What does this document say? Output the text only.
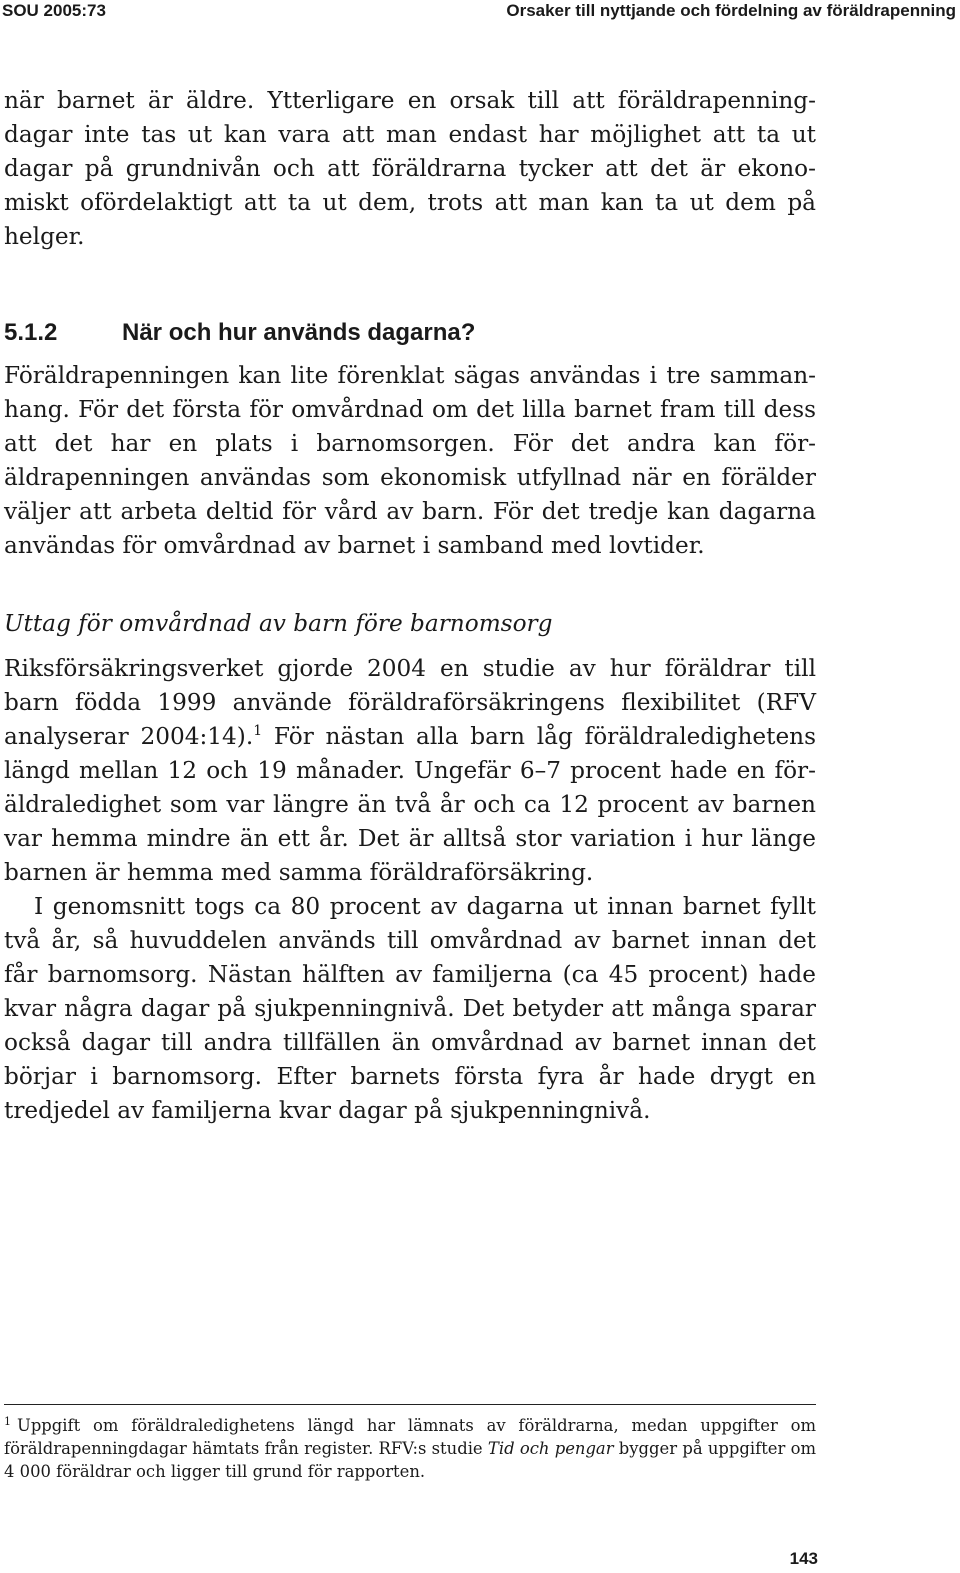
SOU 2005:73	Orsaker till nyttjande och fördelning av föräldrapenning

när barnet är äldre. Ytterligare en orsak till att föräldrapenningdagar inte tas ut kan vara att man endast har möjlighet att ta ut dagar på grundnivån och att föräldrarna tycker att det är ekonomiskt ofördelaktigt att ta ut dem, trots att man kan ta ut dem på helger.

5.1.2	När och hur används dagarna?

Föräldrapenningen kan lite förenklat sägas användas i tre sammanhang. För det första för omvårdnad om det lilla barnet fram till dess att det har en plats i barnomsorgen. För det andra kan föräldrapenningen användas som ekonomisk utfyllnad när en förälder väljer att arbeta deltid för vård av barn. För det tredje kan dagarna användas för omvårdnad av barnet i samband med lovtider.

Uttag för omvårdnad av barn före barnomsorg

Riksförsäkringsverket gjorde 2004 en studie av hur föräldrar till barn födda 1999 använde föräldraförsäkringens flexibilitet (RFV analyserar 2004:14).$^1$ För nästan alla barn låg föräldraledighetens längd mellan 12 och 19 månader. Ungefär 6–7 procent hade en föräldraledighet som var längre än två år och ca 12 procent av barnen var hemma mindre än ett år. Det är alltså stor variation i hur länge barnen är hemma med samma föräldraförsäkring.

I genomsnitt togs ca 80 procent av dagarna ut innan barnet fyllt två år, så huvuddelen används till omvårdnad av barnet innan det får barnomsorg. Nästan hälften av familjerna (ca 45 procent) hade kvar några dagar på sjukpenningnivå. Det betyder att många sparar också dagar till andra tillfällen än omvårdnad av barnet innan det börjar i barnomsorg. Efter barnets första fyra år hade drygt en tredjedel av familjerna kvar dagar på sjukpenningnivå.

$^1$ Uppgift om föräldraledighetens längd har lämnats av föräldrarna, medan uppgifter om föräldrapenningdagar hämtats från register. RFV:s studie Tid och pengar bygger på uppgifter om 4 000 föräldrar och ligger till grund för rapporten.

143
